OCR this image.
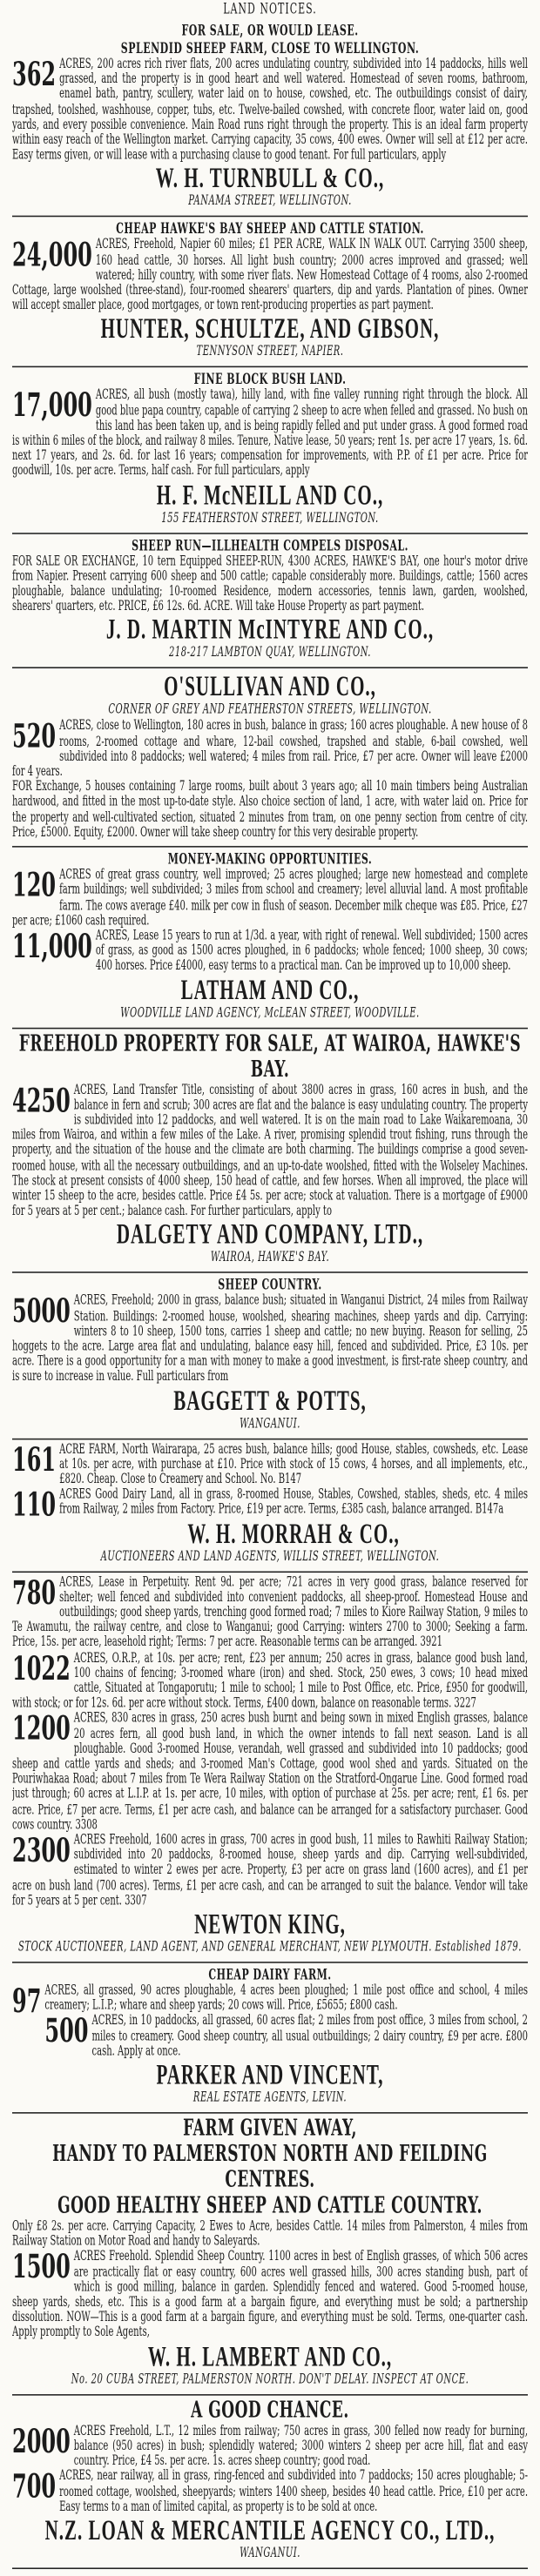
LAND NOTICES.
FOR SALE, OR WOULD LEASE.
SPLENDID SHEEP FARM, CLOSE TO WELLINGTON.
362 ACRES, 200 acres rich river flats, 200 acres undulating country, subdivided into 14 paddocks, hills well grassed, and the property is in good heart and well watered. Homestead of seven rooms, bathroom, enamel bath, pantry, scullery, water laid on to house, cowshed, etc. The outbuildings consist of dairy, trapshed, toolshed, washhouse, copper, tubs, etc. Twelve-bailed cowshed, with concrete floor, water laid on, good yards, and every possible convenience. Main Road runs right through the property. This is an ideal farm property within easy reach of the Wellington market. Carrying capacity, 35 cows, 400 ewes. Owner will sell at £12 per acre. Easy terms given, or will lease with a purchasing clause to good tenant. For full particulars, apply
W. H. TURNBULL & CO.,
PANAMA STREET, WELLINGTON.
CHEAP HAWKE'S BAY SHEEP AND CATTLE STATION.
24,000 ACRES, Freehold, Napier 60 miles; £1 PER ACRE, WALK IN WALK OUT. Carrying 3500 sheep, 160 head cattle, 30 horses. All light bush country; 2000 acres improved and grassed; well watered; hilly country, with some river flats. New Homestead Cottage of 4 rooms, also 2-roomed Cottage, large woolshed (three-stand), four-roomed shearers' quarters, dip and yards. Plantation of pines. Owner will accept smaller place, good mortgages, or town rent-producing properties as part payment.
HUNTER, SCHULTZE, AND GIBSON,
TENNYSON STREET, NAPIER.
FINE BLOCK BUSH LAND.
17,000 ACRES, all bush (mostly tawa), hilly land, with fine valley running right through the block. All good blue papa country, capable of carrying 2 sheep to acre when felled and grassed. No bush on this land has been taken up, and is being rapidly felled and put under grass. A good formed road is within 6 miles of the block, and railway 8 miles. Tenure, Native lease, 50 years; rent 1s. per acre 17 years, 1s. 6d. next 17 years, and 2s. 6d. for last 16 years; compensation for improvements, with P.P. of £1 per acre. Price for goodwill, 10s. per acre. Terms, half cash. For full particulars, apply
H. F. McNEILL AND CO.,
155 FEATHERSTON STREET, WELLINGTON.
SHEEP RUN—ILLHEALTH COMPELS DISPOSAL.
FOR SALE OR EXCHANGE, 10 tern Equipped SHEEP-RUN, 4300 ACRES, HAWKE'S BAY, one hour's motor drive from Napier. Present carrying 600 sheep and 500 cattle; capable considerably more. Buildings, cattle; 1560 acres ploughable, balance undulating; 10-roomed Residence, modern accessories, tennis lawn, garden, woolshed, shearers' quarters, etc. PRICE, £6 12s. 6d. ACRE. Will take House Property as part payment.
J. D. MARTIN McINTYRE AND CO.,
218-217 LAMBTON QUAY, WELLINGTON.
O'SULLIVAN AND CO.,
CORNER OF GREY AND FEATHERSTON STREETS, WELLINGTON.
520 ACRES, close to Wellington, 180 acres in bush, balance in grass; 160 acres ploughable. A new house of 8 rooms, 2-roomed cottage and whare, 12-bail cowshed, trapshed and stable, 6-bail cowshed, well subdivided into 8 paddocks; well watered; 4 miles from rail. Price, £7 per acre. Owner will leave £2000 for 4 years.
FOR Exchange, 5 houses containing 7 large rooms, built about 3 years ago; all 10 main timbers being Australian hardwood, and fitted in the most up-to-date style. Also choice section of land, 1 acre, with water laid on. Price for the property and well-cultivated section, situated 2 minutes from tram, on one penny section from centre of city. Price, £5000. Equity, £2000. Owner will take sheep country for this very desirable property.
MONEY-MAKING OPPORTUNITIES.
120 ACRES of great grass country, well improved; 25 acres ploughed; large new homestead and complete farm buildings; well subdivided; 3 miles from school and creamery; level alluvial land. A most profitable farm. The cows average £40. milk per cow in flush of season. December milk cheque was £85. Price, £27 per acre; £1060 cash required.
11,000 ACRES, Lease 15 years to run at 1/3d. a year, with right of renewal. Well subdivided; 1500 acres of grass, as good as 1500 acres ploughed, in 6 paddocks; whole fenced; 1000 sheep, 30 cows; 400 horses. Price £4000, easy terms to a practical man. Can be improved up to 10,000 sheep.
LATHAM AND CO.,
WOODVILLE LAND AGENCY, McLEAN STREET, WOODVILLE.
FREEHOLD PROPERTY FOR SALE, AT WAIROA, HAWKE'S BAY.
4250 ACRES, Land Transfer Title, consisting of about 3800 acres in grass, 160 acres in bush, and the balance in fern and scrub; 300 acres are flat and the balance is easy undulating country. The property is subdivided into 12 paddocks, and well watered. It is on the main road to Lake Waikaremoana, 30 miles from Wairoa, and within a few miles of the Lake. A river, promising splendid trout fishing, runs through the property, and the situation of the house and the climate are both charming. The buildings comprise a good seven-roomed house, with all the necessary outbuildings, and an up-to-date woolshed, fitted with the Wolseley Machines. The stock at present consists of 4000 sheep, 150 head of cattle, and few horses. When all improved, the place will winter 15 sheep to the acre, besides cattle. Price £4 5s. per acre; stock at valuation. There is a mortgage of £9000 for 5 years at 5 per cent.; balance cash. For further particulars, apply to
DALGETY AND COMPANY, LTD.,
WAIROA, HAWKE'S BAY.
SHEEP COUNTRY.
5000 ACRES, Freehold; 2000 in grass, balance bush; situated in Wanganui District, 24 miles from Railway Station. Buildings: 2-roomed house, woolshed, shearing machines, sheep yards and dip. Carrying: winters 8 to 10 sheep, 1500 tons, carries 1 sheep and cattle; no new buying. Reason for selling, 25 hoggets to the acre. Large area flat and undulating, balance easy hill, fenced and subdivided. Price, £3 10s. per acre. There is a good opportunity for a man with money to make a good investment, is first-rate sheep country, and is sure to increase in value. Full particulars from
BAGGETT & POTTS,
WANGANUI.
161 ACRE FARM, North Wairarapa, 25 acres bush, balance hills; good House, stables, cowsheds, etc. Lease at 10s. per acre, with purchase at £10. Price with stock of 15 cows, 4 horses, and all implements, etc., £820. Cheap. Close to Creamery and School. No. B147
110 ACRES Good Dairy Land, all in grass, 8-roomed House, Stables, Cowshed, stables, sheds, etc. 4 miles from Railway, 2 miles from Factory. Price, £19 per acre. Terms, £385 cash, balance arranged. B147a
W. H. MORRAH & CO.,
AUCTIONEERS AND LAND AGENTS, WILLIS STREET, WELLINGTON.
780 ACRES, Lease in Perpetuity. Rent 9d. per acre; 721 acres in very good grass, balance reserved for shelter; well fenced and subdivided into convenient paddocks, all sheep-proof. Homestead House and outbuildings; good sheep yards, trenching good formed road; 7 miles to Kiore Railway Station, 9 miles to Te Awamutu, the railway centre, and close to Wanganui; good Carrying: winters 2700 to 3000; Seeking a farm. Price, 15s. per acre, leasehold right; Terms: 7 per acre. Reasonable terms can be arranged. 3921
1022 ACRES, O.R.P., at 10s. per acre; rent, £23 per annum; 250 acres in grass, balance good bush land, 100 chains of fencing; 3-roomed whare (iron) and shed. Stock, 250 ewes, 3 cows; 10 head mixed cattle, Situated at Tongaporutu; 1 mile to school; 1 mile to Post Office, etc. Price, £950 for goodwill, with stock; or for 12s. 6d. per acre without stock. Terms, £400 down, balance on reasonable terms. 3227
1200 ACRES, 830 acres in grass, 250 acres bush burnt and being sown in mixed English grasses, balance 20 acres fern, all good bush land, in which the owner intends to fall next season. Land is all ploughable. Good 3-roomed House, verandah, well grassed and subdivided into 10 paddocks; good sheep and cattle yards and sheds; and 3-roomed Man's Cottage, good wool shed and yards. Situated on the Pouriwhakaa Road; about 7 miles from Te Wera Railway Station on the Stratford-Ongarue Line. Good formed road just through; 60 acres at L.I.P. at 1s. per acre, 10 miles, with option of purchase at 25s. per acre; rent, £1 6s. per acre. Price, £7 per acre. Terms, £1 per acre cash, and balance can be arranged for a satisfactory purchaser. Good cows country. 3308
2300 ACRES Freehold, 1600 acres in grass, 700 acres in good bush, 11 miles to Rawhiti Railway Station; subdivided into 20 paddocks, 8-roomed house, sheep yards and dip. Carrying well-subdivided, estimated to winter 2 ewes per acre. Property, £3 per acre on grass land (1600 acres), and £1 per acre on bush land (700 acres). Terms, £1 per acre cash, and can be arranged to suit the balance. Vendor will take for 5 years at 5 per cent. 3307
NEWTON KING,
STOCK AUCTIONEER, LAND AGENT, AND GENERAL MERCHANT, NEW PLYMOUTH. Established 1879.
CHEAP DAIRY FARM.
97 ACRES, all grassed, 90 acres ploughable, 4 acres been ploughed; 1 mile post office and school, 4 miles creamery; L.I.P.; whare and sheep yards; 20 cows will. Price, £5655; £800 cash.
500 ACRES, in 10 paddocks, all grassed, 60 acres flat; 2 miles from post office, 3 miles from school, 2 miles to creamery. Good sheep country, all usual outbuildings; 2 dairy country, £9 per acre. £800 cash. Apply at once.
PARKER AND VINCENT,
REAL ESTATE AGENTS, LEVIN.
FARM GIVEN AWAY,
HANDY TO PALMERSTON NORTH AND FEILDING CENTRES.
GOOD HEALTHY SHEEP AND CATTLE COUNTRY.
Only £8 2s. per acre. Carrying Capacity, 2 Ewes to Acre, besides Cattle. 14 miles from Palmerston, 4 miles from Railway Station on Motor Road and handy to Saleyards.
1500 ACRES Freehold. Splendid Sheep Country. 1100 acres in best of English grasses, of which 506 acres are practically flat or easy country, 600 acres well grassed hills, 300 acres standing bush, part of which is good milling, balance in garden. Splendidly fenced and watered. Good 5-roomed house, sheep yards, sheds, etc. This is a good farm at a bargain figure, and everything must be sold; a partnership dissolution. NOW—This is a good farm at a bargain figure, and everything must be sold. Terms, one-quarter cash. Apply promptly to Sole Agents,
W. H. LAMBERT AND CO.,
No. 20 CUBA STREET, PALMERSTON NORTH. DON'T DELAY. INSPECT AT ONCE.
A GOOD CHANCE.
2000 ACRES Freehold, L.T., 12 miles from railway; 750 acres in grass, 300 felled now ready for burning, balance (950 acres) in bush; splendidly watered; 3000 winters 2 sheep per acre hill, flat and easy country. Price, £4 5s. per acre. 1s. acres sheep country; good road.
700 ACRES, near railway, all in grass, ring-fenced and subdivided into 7 paddocks; 150 acres ploughable; 5-roomed cottage, woolshed, sheepyards; winters 1400 sheep, besides 40 head cattle. Price, £10 per acre. Easy terms to a man of limited capital, as property is to be sold at once.
N.Z. LOAN & MERCANTILE AGENCY CO., LTD.,
WANGANUI.
